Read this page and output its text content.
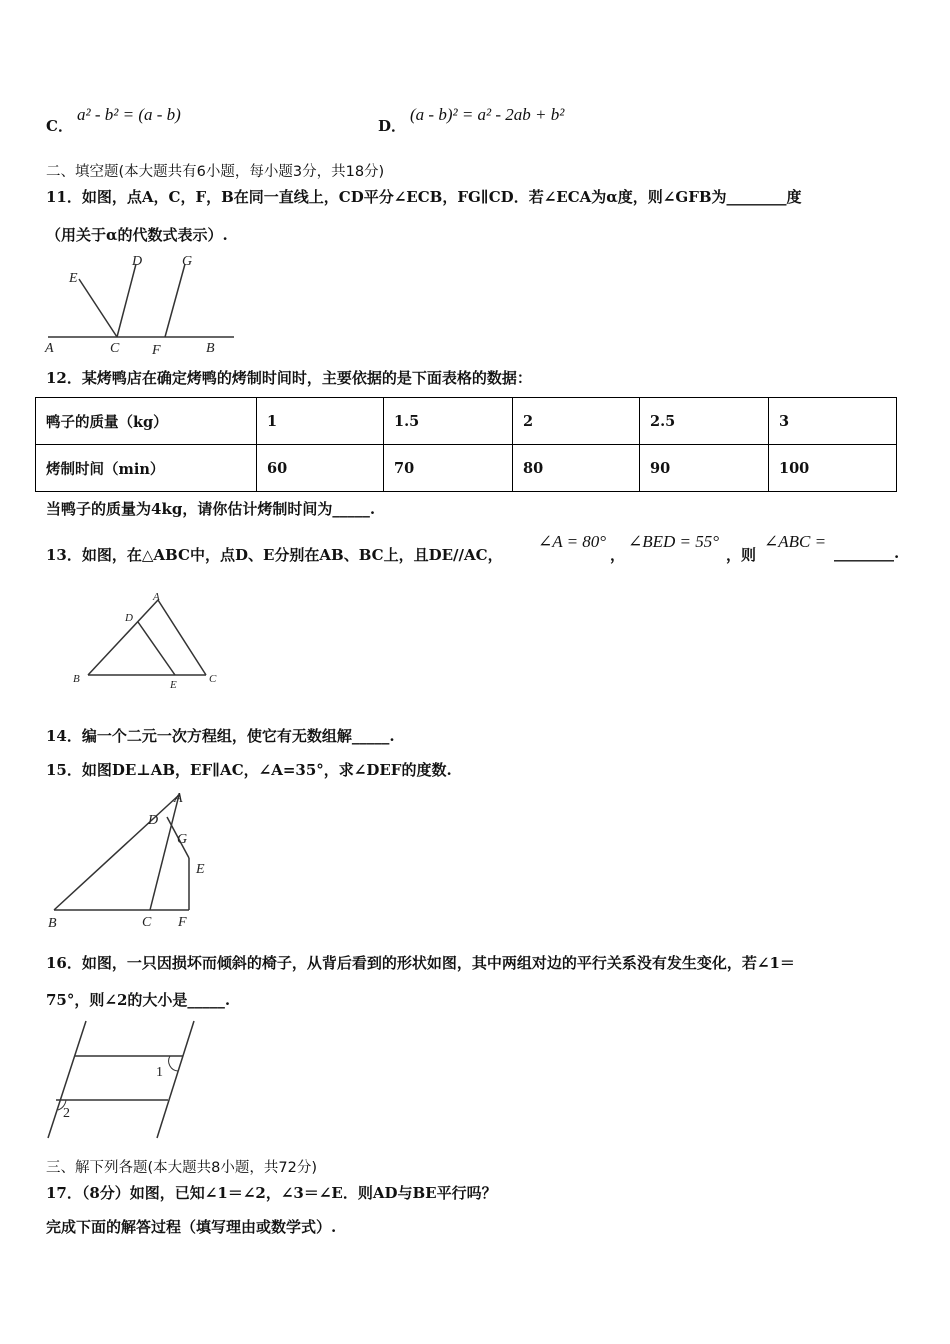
C．
a² - b² = (a - b)
D．
(a - b)² = a² - 2ab + b²
二、填空题(本大题共有6小题，每小题3分，共18分)
11．如图，点A，C，F，B在同一直线上，CD平分∠ECB，FG∥CD．若∠ECA为α度，则∠GFB为________度
（用关于α的代数式表示）.
E
D	G
A	C F	B
12．某烤鸭店在确定烤鸭的烤制时间时，主要依据的是下面表格的数据：
鸭子的质量（kg）	1	1.5	2	2.5	3
烤制时间（min）	60	70	80	90	100
当鸭子的质量为4kg，请你估计烤制时间为_____.
13．如图，在△ABC中，点D、E分别在AB、BC上，且DE//AC，
∠A = 80°
，
∠BED = 55°
，则
∠ABC =
________.
A
D
B	E	C
14．编一个二元一次方程组，使它有无数组解_____.
15．如图DE⊥AB，EF∥AC，∠A=35°，求∠DEF的度数.
A
D
G
E
B	C F
16．如图，一只因损坏而倾斜的椅子，从背后看到的形状如图，其中两组对边的平行关系没有发生变化，若∠1＝
75°，则∠2的大小是_____.
1
2
三、解下列各题(本大题共8小题，共72分)
17．（8分）如图，已知∠1＝∠2，∠3＝∠E．则AD与BE平行吗？
完成下面的解答过程（填写理由或数学式）.
